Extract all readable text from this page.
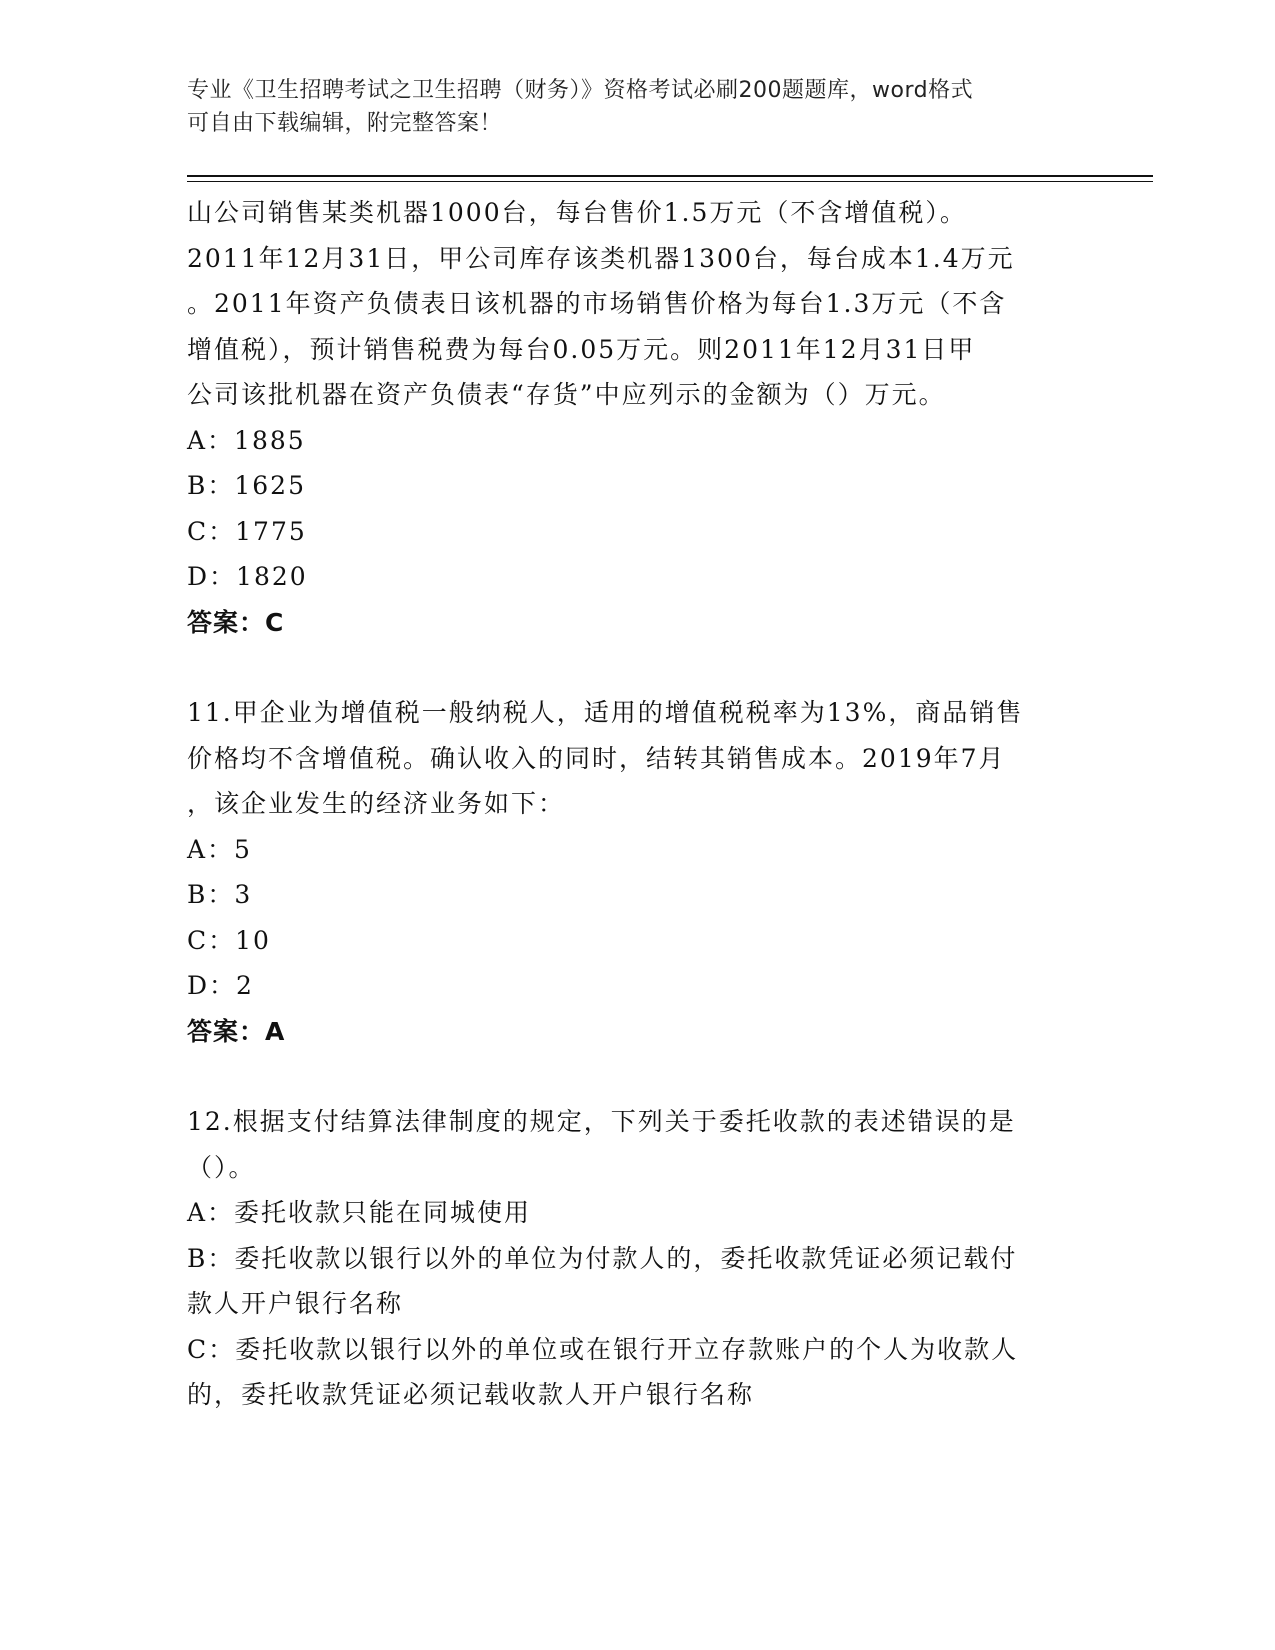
专业《卫生招聘考试之卫生招聘（财务）》资格考试必刷200题题库，word格式
可自由下载编辑，附完整答案！
山公司销售某类机器1000台，每台售价1.5万元（不含增值税）。
2011年12月31日，甲公司库存该类机器1300台，每台成本1.4万元
。2011年资产负债表日该机器的市场销售价格为每台1.3万元（不含
增值税），预计销售税费为每台0.05万元。则2011年12月31日甲
公司该批机器在资产负债表“存货”中应列示的金额为（）万元。
A：1885
B：1625
C：1775
D：1820
答案：C
11.甲企业为增值税一般纳税人，适用的增值税税率为13%，商品销售
价格均不含增值税。确认收入的同时，结转其销售成本。2019年7月
，该企业发生的经济业务如下：
A：5
B：3
C：10
D：2
答案：A
12.根据支付结算法律制度的规定，下列关于委托收款的表述错误的是
（）。
A：委托收款只能在同城使用
B：委托收款以银行以外的单位为付款人的，委托收款凭证必须记载付
款人开户银行名称
C：委托收款以银行以外的单位或在银行开立存款账户的个人为收款人
的，委托收款凭证必须记载收款人开户银行名称
